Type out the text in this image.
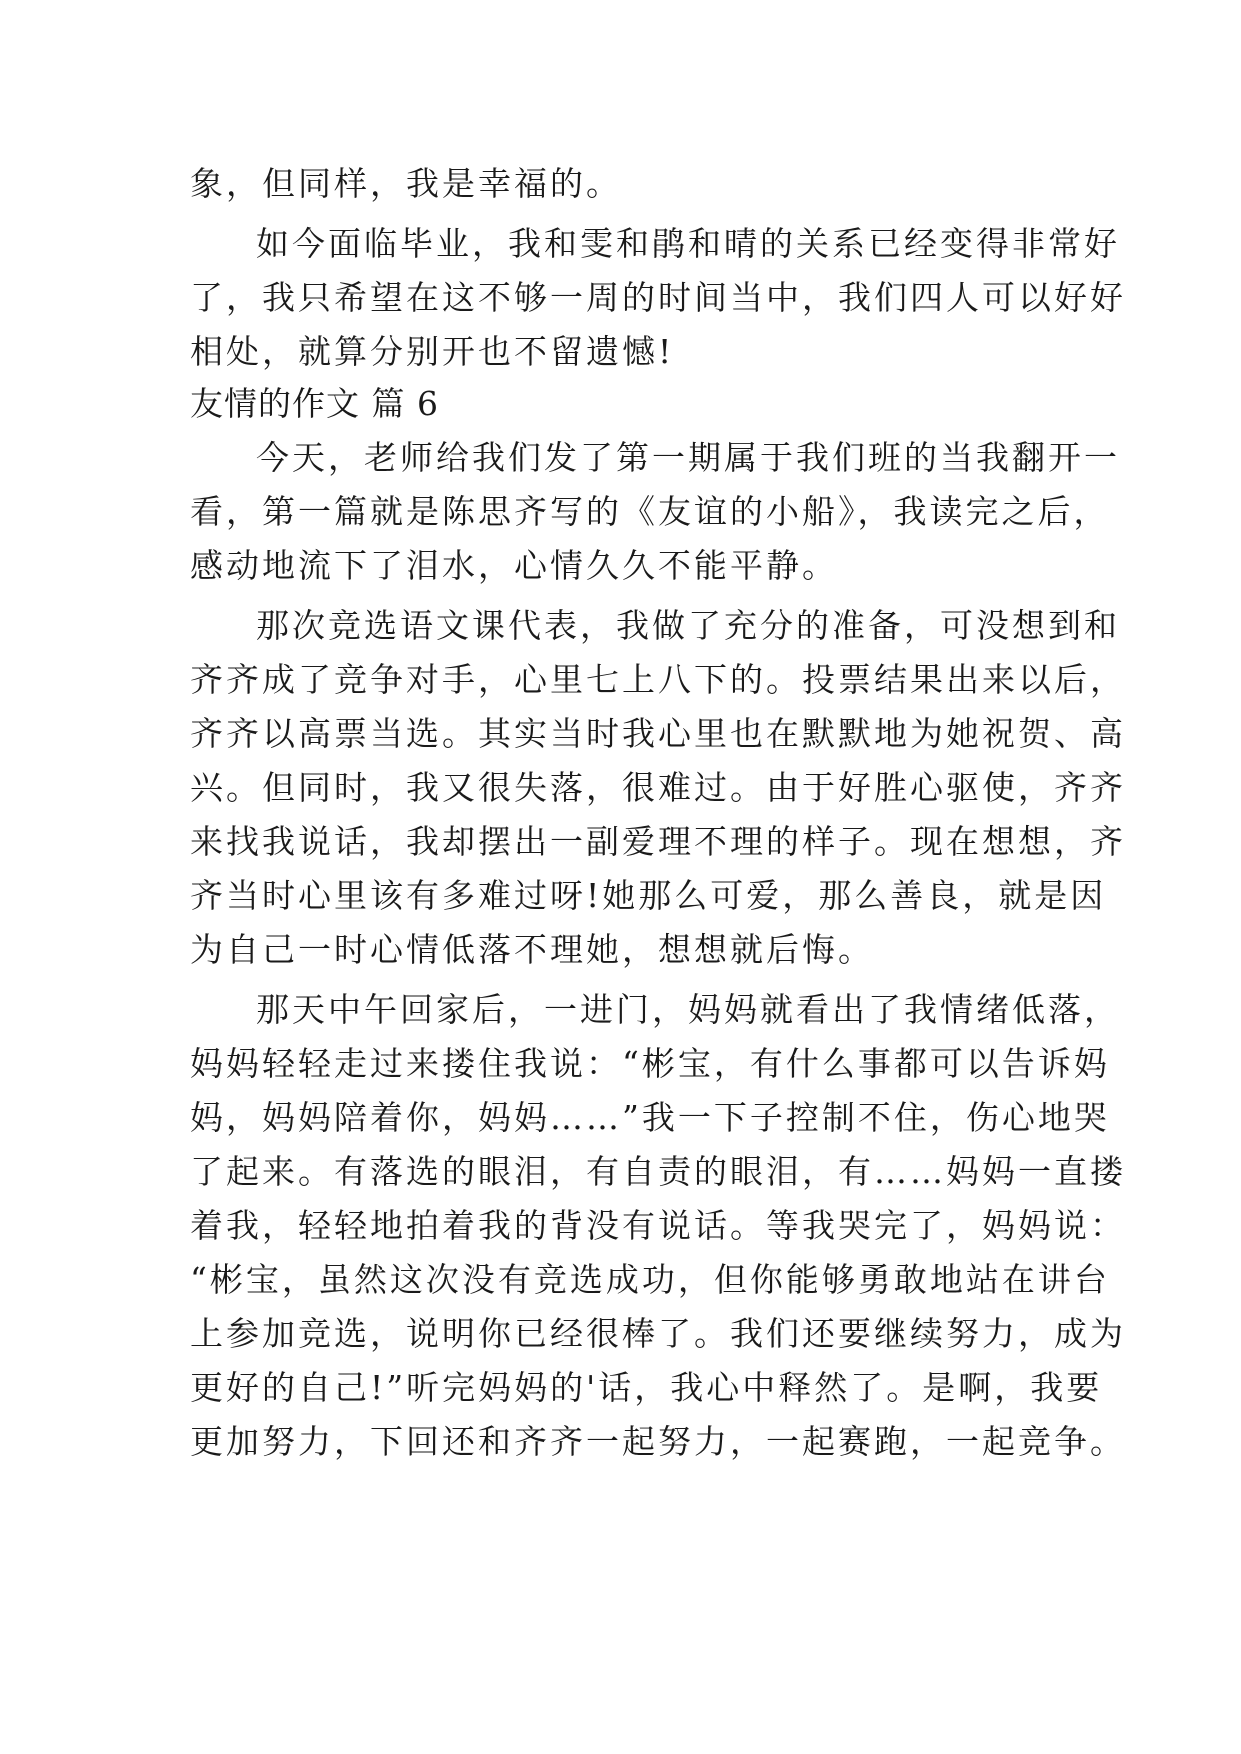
象，但同样，我是幸福的。
如今面临毕业，我和雯和鹃和晴的关系已经变得非常好
了，我只希望在这不够一周的时间当中，我们四人可以好好
相处，就算分别开也不留遗憾!
友情的作文 篇 6
今天，老师给我们发了第一期属于我们班的当我翻开一
看，第一篇就是陈思齐写的《友谊的小船》，我读完之后，
感动地流下了泪水，心情久久不能平静。
那次竞选语文课代表，我做了充分的准备，可没想到和
齐齐成了竞争对手，心里七上八下的。投票结果出来以后，
齐齐以高票当选。其实当时我心里也在默默地为她祝贺、高
兴。但同时，我又很失落，很难过。由于好胜心驱使，齐齐
来找我说话，我却摆出一副爱理不理的样子。现在想想，齐
齐当时心里该有多难过呀!她那么可爱，那么善良，就是因
为自己一时心情低落不理她，想想就后悔。
那天中午回家后，一进门，妈妈就看出了我情绪低落，
妈妈轻轻走过来搂住我说：“彬宝，有什么事都可以告诉妈
妈，妈妈陪着你，妈妈……”我一下子控制不住，伤心地哭
了起来。有落选的眼泪，有自责的眼泪，有……妈妈一直搂
着我，轻轻地拍着我的背没有说话。等我哭完了，妈妈说：
“彬宝，虽然这次没有竞选成功，但你能够勇敢地站在讲台
上参加竞选，说明你已经很棒了。我们还要继续努力，成为
更好的自己!”听完妈妈的'话，我心中释然了。是啊，我要
更加努力，下回还和齐齐一起努力，一起赛跑，一起竞争。
